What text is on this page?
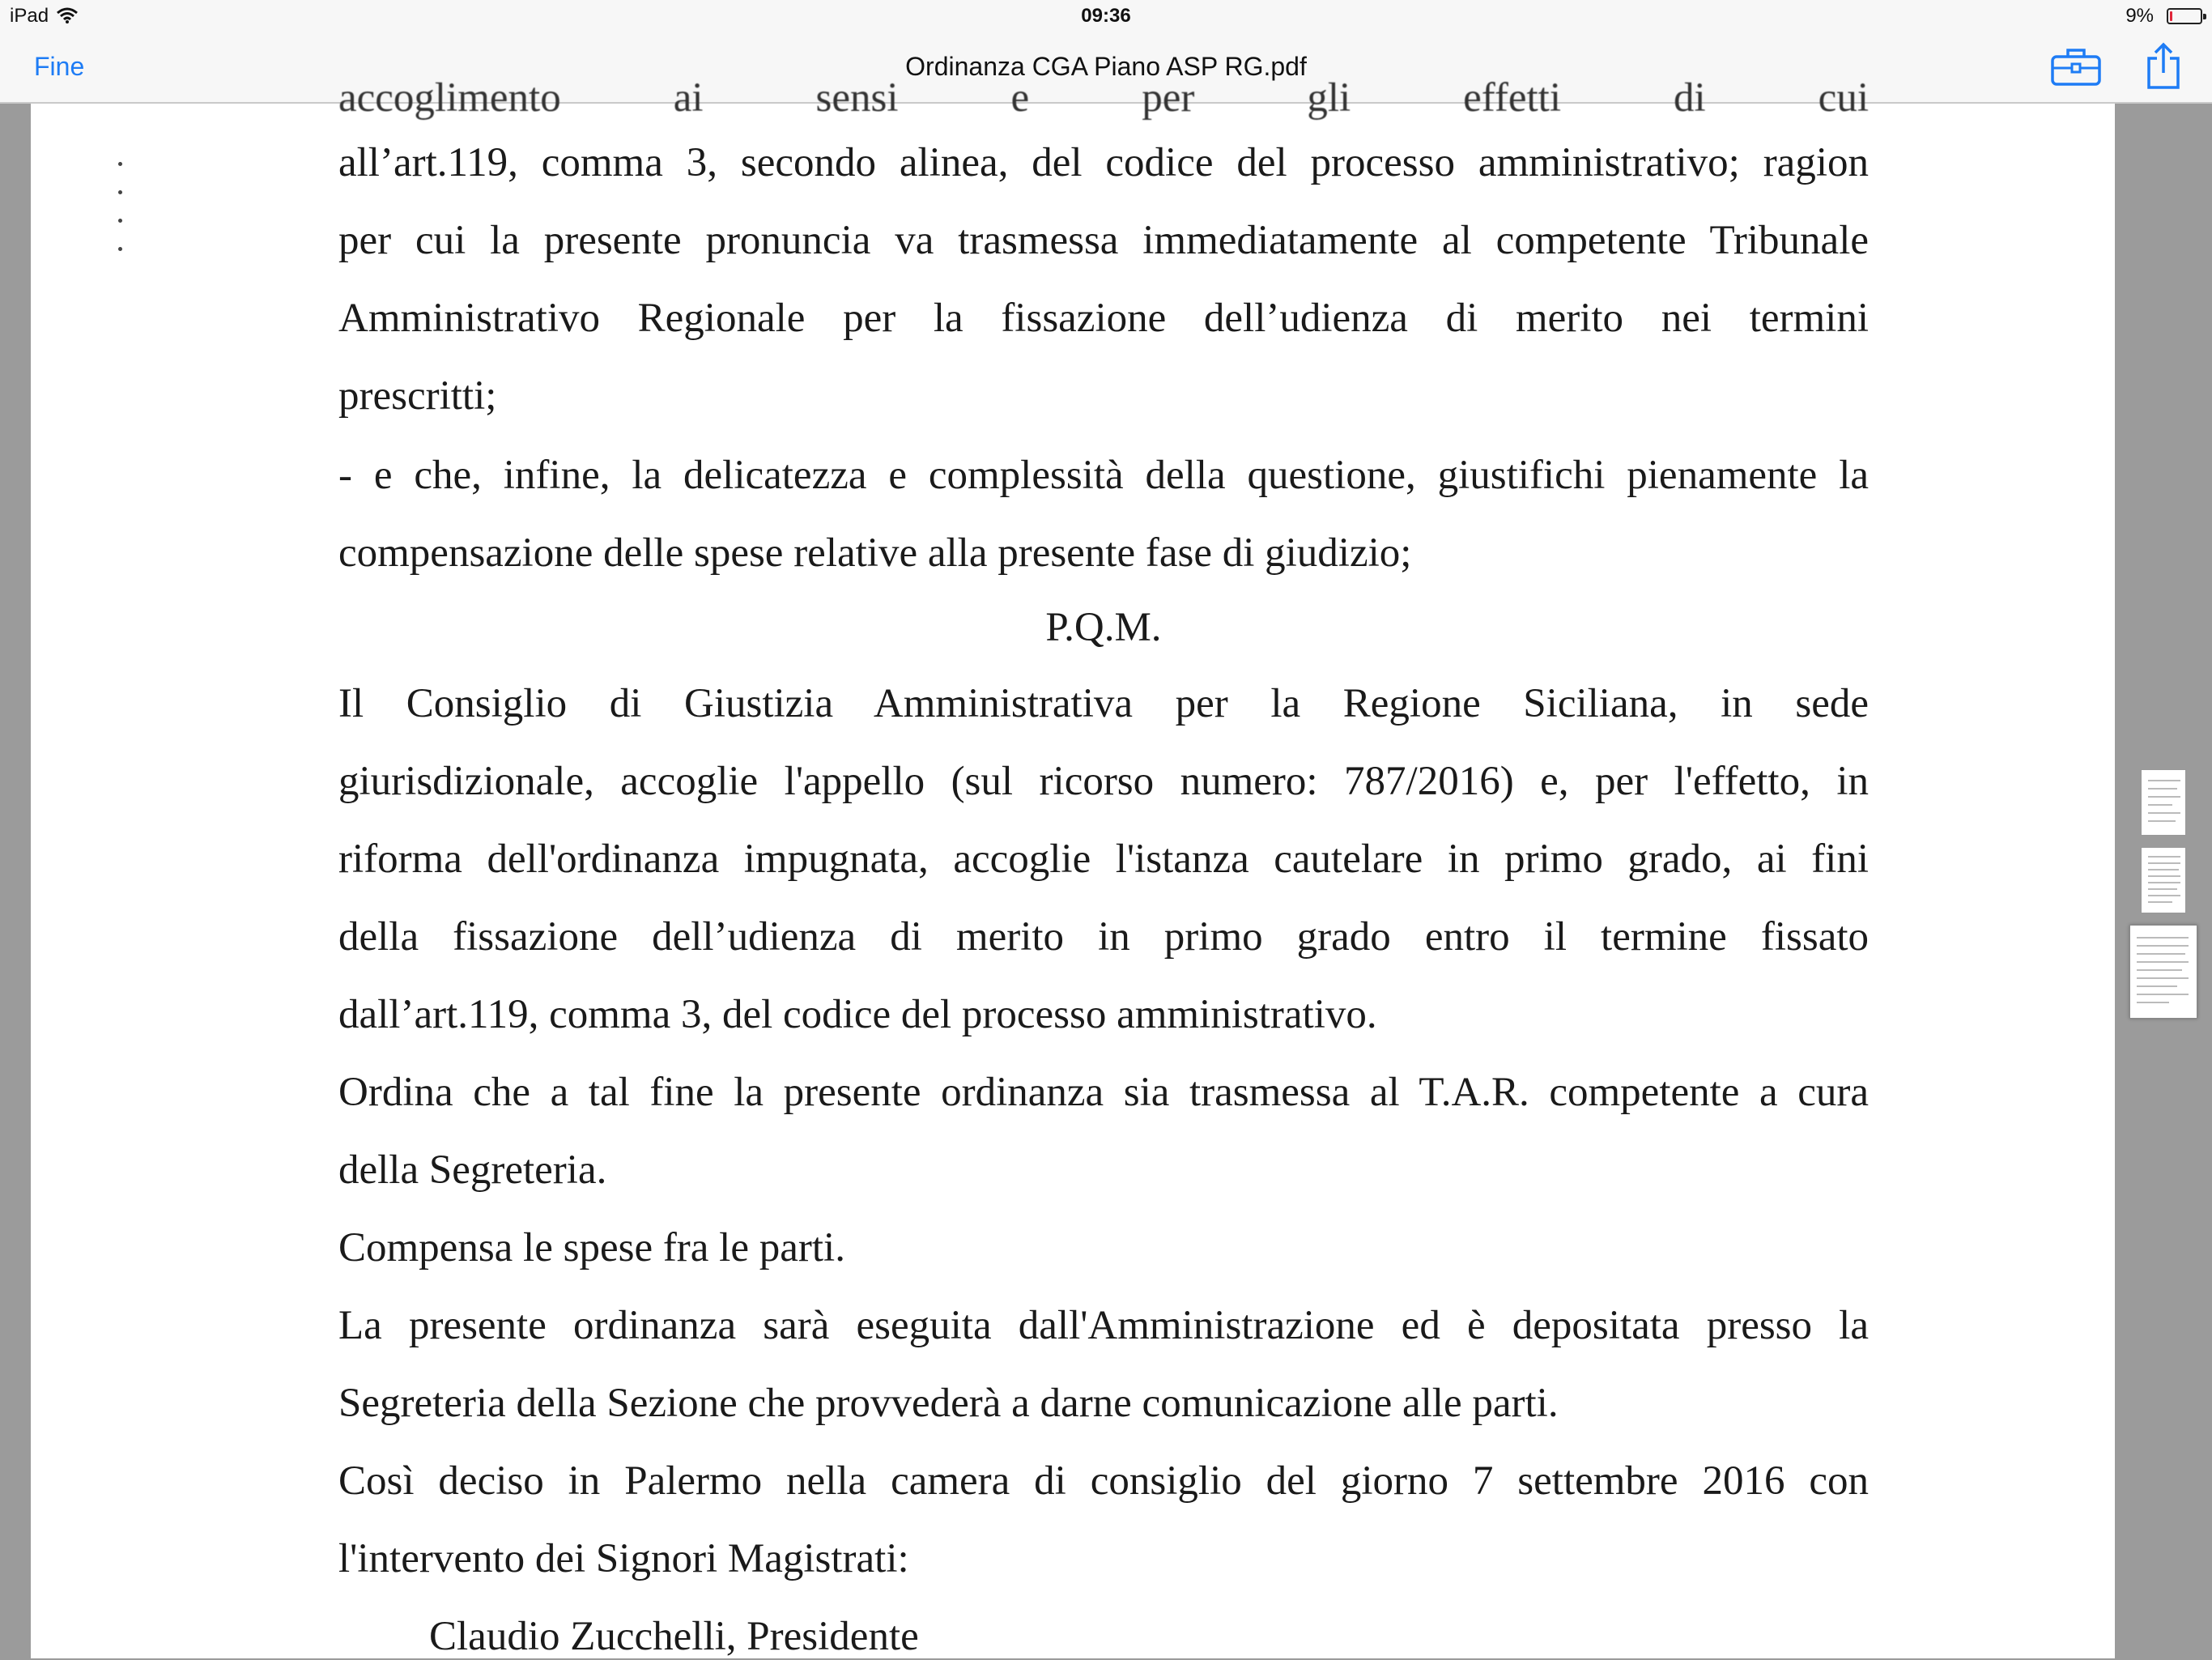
iPad	09:36	9%
Fine	Ordinanza CGA Piano ASP RG.pdf
accoglimento ai sensi e per gli effetti di cui
all’art.119, comma 3, secondo alinea, del codice del processo amministrativo; ragion
per cui la presente pronuncia va trasmessa immediatamente al competente Tribunale
Amministrativo Regionale per la fissazione dell’udienza di merito nei termini
prescritti;
- e che, infine, la delicatezza e complessità della questione, giustifichi pienamente la
compensazione delle spese relative alla presente fase di giudizio;
P.Q.M.
Il Consiglio di Giustizia Amministrativa per la Regione Siciliana, in sede
giurisdizionale, accoglie l'appello (sul ricorso numero: 787/2016) e, per l'effetto, in
riforma dell'ordinanza impugnata, accoglie l'istanza cautelare in primo grado, ai fini
della fissazione dell’udienza di merito in primo grado entro il termine fissato
dall’art.119, comma 3, del codice del processo amministrativo.
Ordina che a tal fine la presente ordinanza sia trasmessa al T.A.R. competente a cura
della Segreteria.
Compensa le spese fra le parti.
La presente ordinanza sarà eseguita dall'Amministrazione ed è depositata presso la
Segreteria della Sezione che provvederà a darne comunicazione alle parti.
Così deciso in Palermo nella camera di consiglio del giorno 7 settembre 2016 con
l'intervento dei Signori Magistrati:
Claudio Zucchelli, Presidente
